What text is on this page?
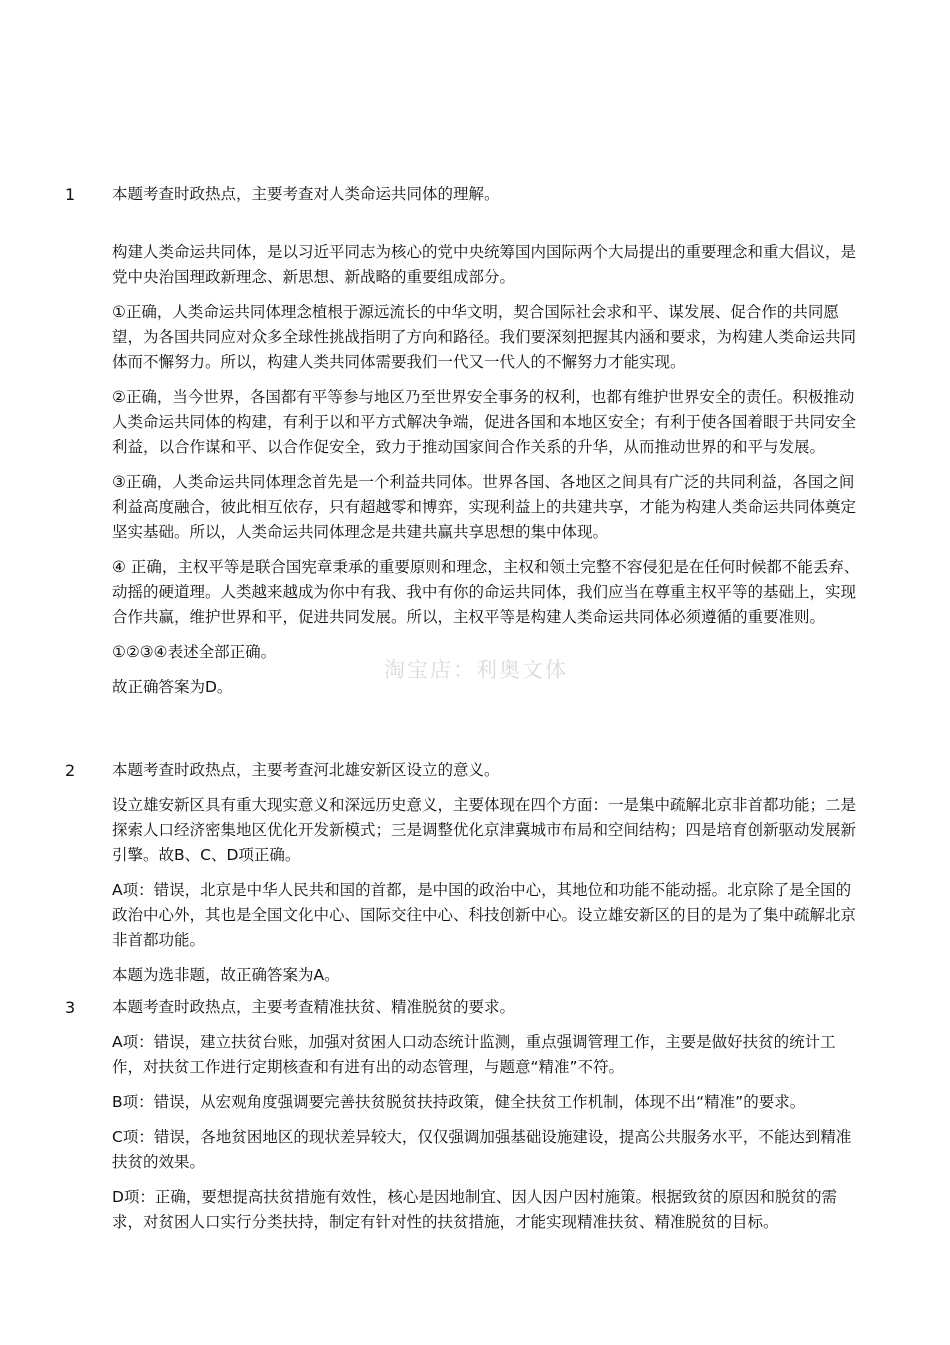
1 本题考查时政热点，主要考查对人类命运共同体的理解。
构建人类命运共同体，是以习近平同志为核心的党中央统筹国内国际两个大局提出的重要理念和重大倡议，是党中央治国理政新理念、新思想、新战略的重要组成部分。
①正确，人类命运共同体理念植根于源远流长的中华文明，契合国际社会求和平、谋发展、促合作的共同愿望，为各国共同应对众多全球性挑战指明了方向和路径。我们要深刻把握其内涵和要求，为构建人类命运共同体而不懈努力。所以，构建人类共同体需要我们一代又一代人的不懈努力才能实现。
②正确，当今世界，各国都有平等参与地区乃至世界安全事务的权利，也都有维护世界安全的责任。积极推动人类命运共同体的构建，有利于以和平方式解决争端，促进各国和本地区安全；有利于使各国着眼于共同安全利益，以合作谋和平、以合作促安全，致力于推动国家间合作关系的升华，从而推动世界的和平与发展。
③正确，人类命运共同体理念首先是一个利益共同体。世界各国、各地区之间具有广泛的共同利益，各国之间利益高度融合，彼此相互依存，只有超越零和博弈，实现利益上的共建共享，才能为构建人类命运共同体奠定坚实基础。所以，人类命运共同体理念是共建共赢共享思想的集中体现。
④ 正确，主权平等是联合国宪章秉承的重要原则和理念，主权和领土完整不容侵犯是在任何时候都不能丢弃、动摇的硬道理。人类越来越成为你中有我、我中有你的命运共同体，我们应当在尊重主权平等的基础上，实现合作共赢，维护世界和平，促进共同发展。所以，主权平等是构建人类命运共同体必须遵循的重要准则。
①②③④表述全部正确。
故正确答案为D。
2 本题考查时政热点，主要考查河北雄安新区设立的意义。
设立雄安新区具有重大现实意义和深远历史意义，主要体现在四个方面：一是集中疏解北京非首都功能；二是探索人口经济密集地区优化开发新模式；三是调整优化京津冀城市布局和空间结构；四是培育创新驱动发展新引擎。故B、C、D项正确。
A项：错误，北京是中华人民共和国的首都，是中国的政治中心，其地位和功能不能动摇。北京除了是全国的政治中心外，其也是全国文化中心、国际交往中心、科技创新中心。设立雄安新区的目的是为了集中疏解北京非首都功能。
本题为选非题，故正确答案为A。
3 本题考查时政热点，主要考查精准扶贫、精准脱贫的要求。
A项：错误，建立扶贫台账，加强对贫困人口动态统计监测，重点强调管理工作，主要是做好扶贫的统计工作，对扶贫工作进行定期核查和有进有出的动态管理，与题意“精准”不符。
B项：错误，从宏观角度强调要完善扶贫脱贫扶持政策，健全扶贫工作机制，体现不出“精准”的要求。
C项：错误，各地贫困地区的现状差异较大，仅仅强调加强基础设施建设，提高公共服务水平，不能达到精准扶贫的效果。
D项：正确，要想提高扶贫措施有效性，核心是因地制宜、因人因户因村施策。根据致贫的原因和脱贫的需求，对贫困人口实行分类扶持，制定有针对性的扶贫措施，才能实现精准扶贫、精准脱贫的目标。
淘宝店：利奥文体
